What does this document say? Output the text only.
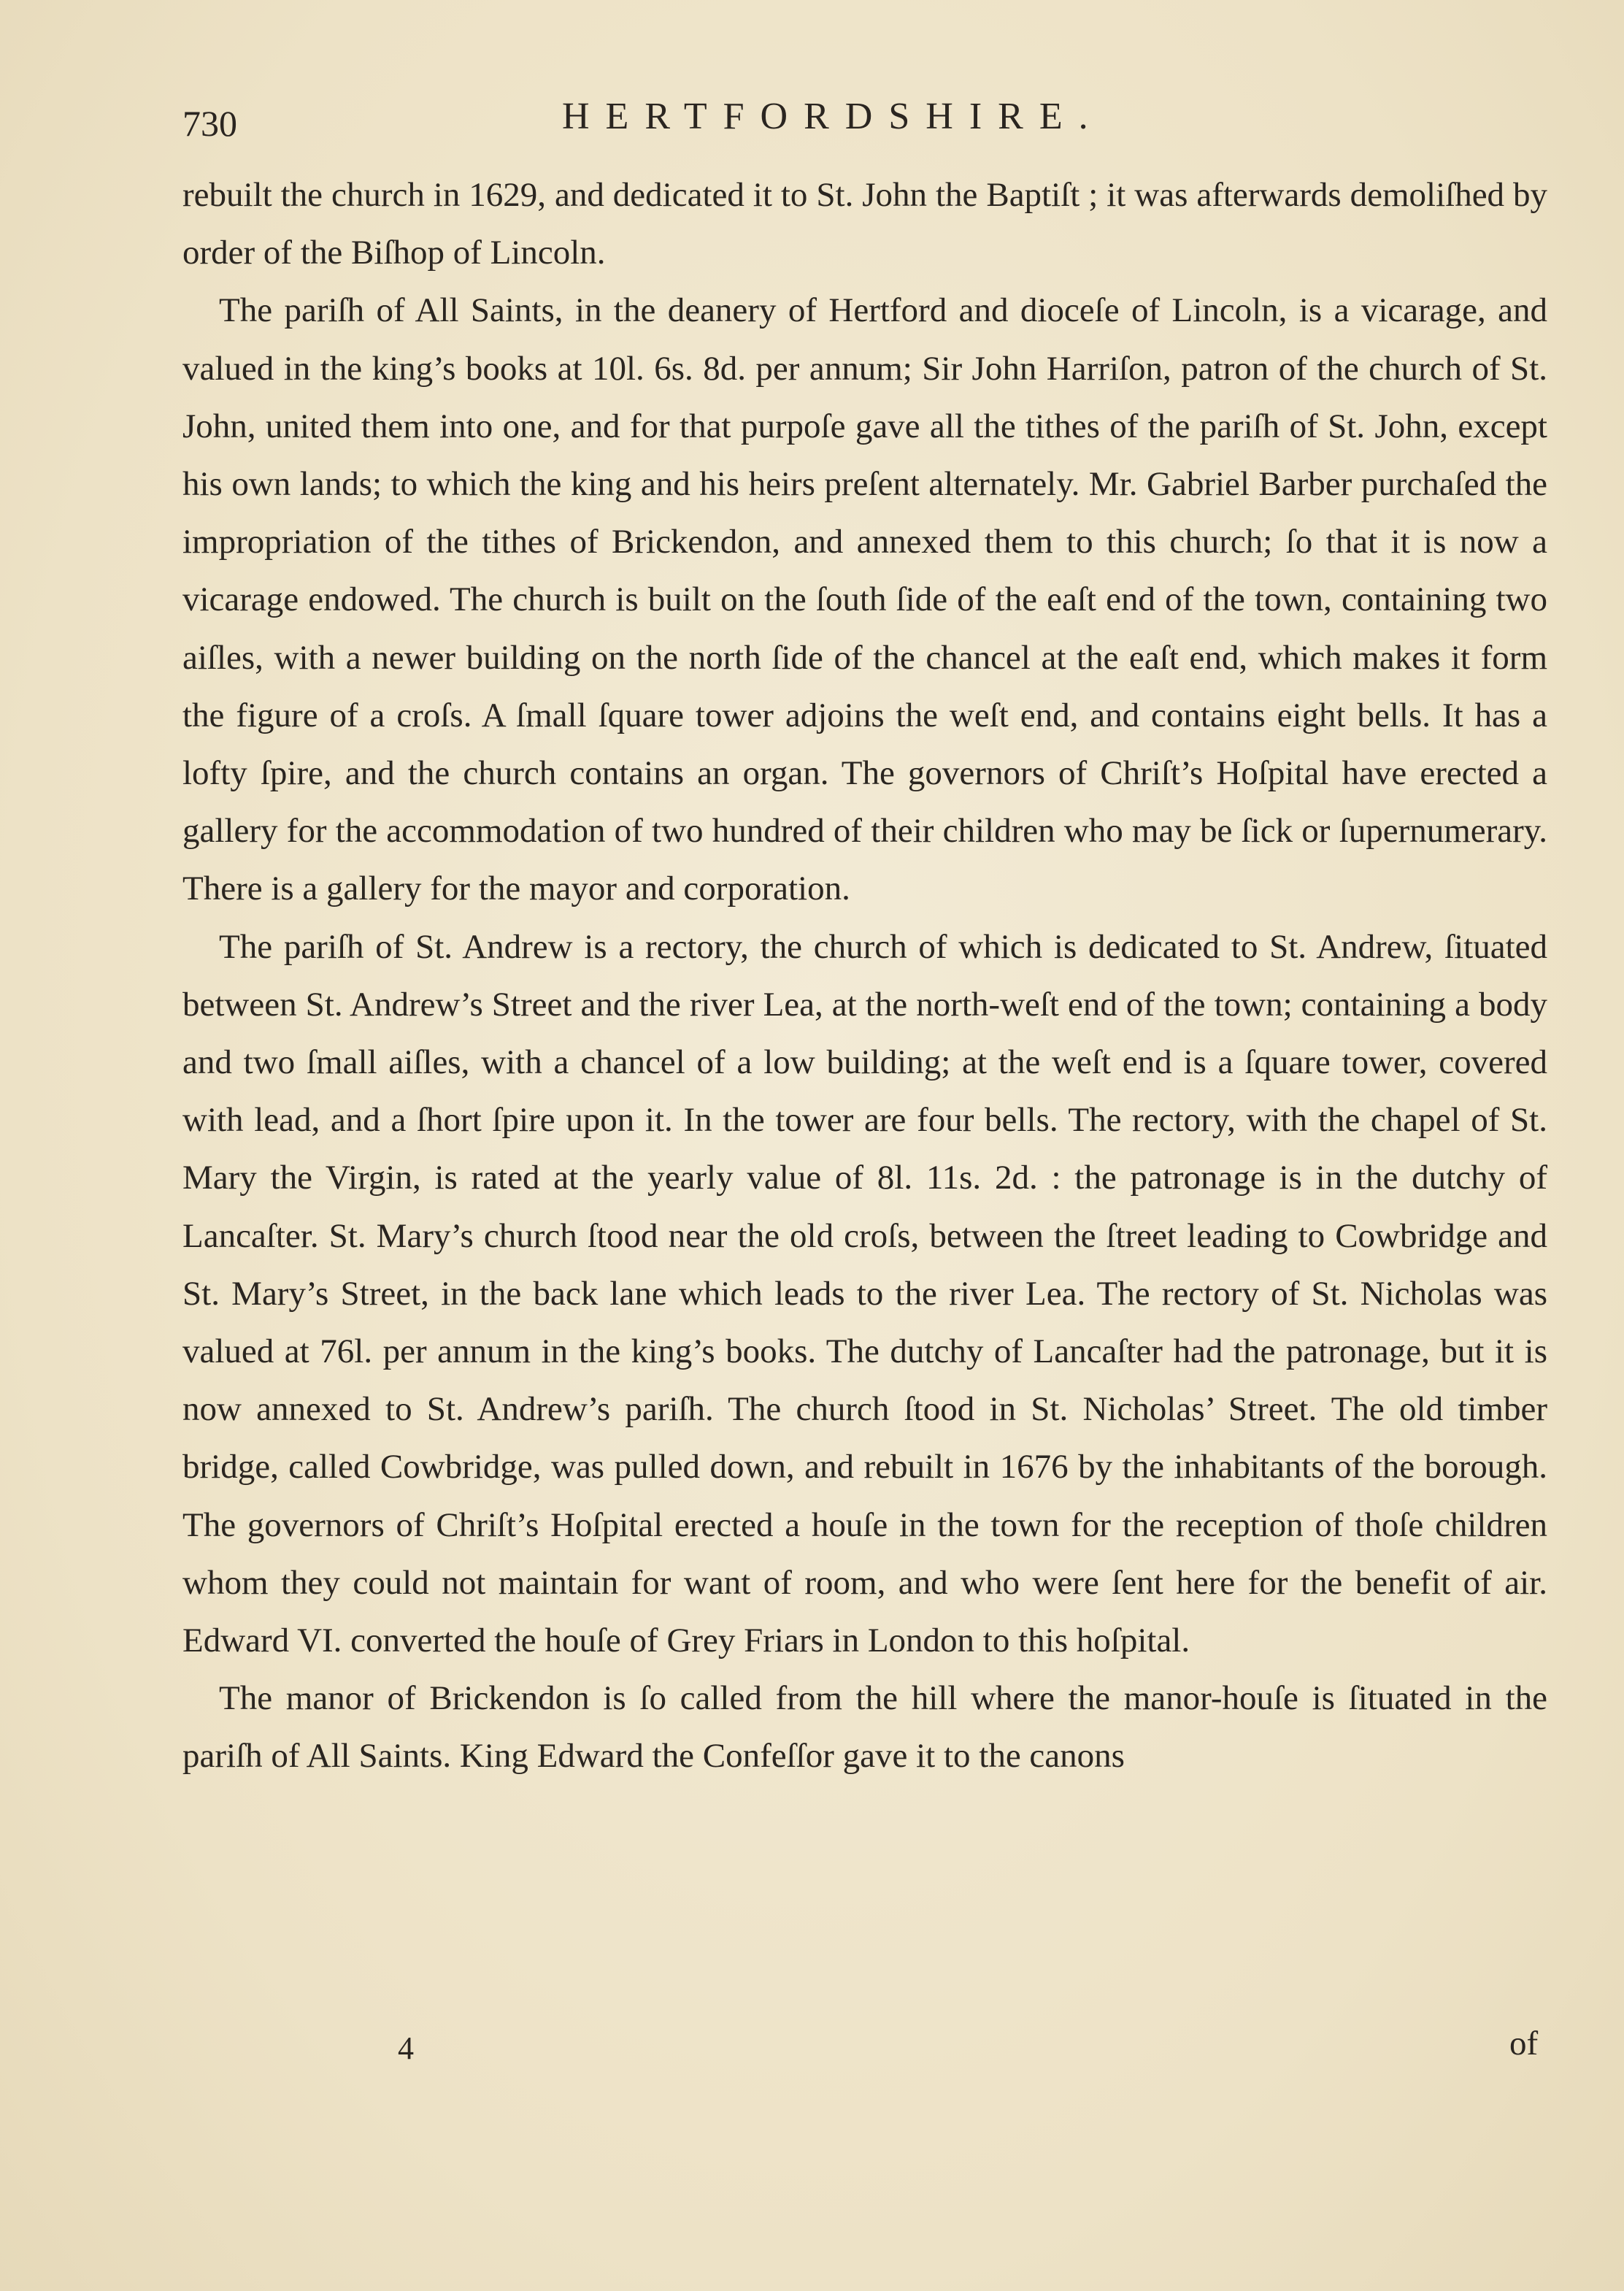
730	HERTFORDSHIRE.

rebuilt the church in 1629, and dedicated it to St. John the Baptiſt ; it was afterwards demoliſhed by order of the Biſhop of Lincoln.

The pariſh of All Saints, in the deanery of Hertford and dioceſe of Lincoln, is a vicarage, and valued in the king’s books at 10l. 6s. 8d. per annum; Sir John Harriſon, patron of the church of St. John, united them into one, and for that purpoſe gave all the tithes of the pariſh of St. John, except his own lands; to which the king and his heirs preſent alternately. Mr. Gabriel Barber purchaſed the impropriation of the tithes of Brickendon, and annexed them to this church; ſo that it is now a vicarage endowed. The church is built on the ſouth ſide of the eaſt end of the town, containing two aiſles, with a newer building on the north ſide of the chancel at the eaſt end, which makes it form the figure of a croſs. A ſmall ſquare tower adjoins the weſt end, and contains eight bells. It has a lofty ſpire, and the church contains an organ. The governors of Chriſt’s Hoſpital have erected a gallery for the accommodation of two hundred of their children who may be ſick or ſupernumerary. There is a gallery for the mayor and corporation.

The pariſh of St. Andrew is a rectory, the church of which is dedicated to St. Andrew, ſituated between St. Andrew’s Street and the river Lea, at the north-weſt end of the town; containing a body and two ſmall aiſles, with a chancel of a low building; at the weſt end is a ſquare tower, covered with lead, and a ſhort ſpire upon it. In the tower are four bells. The rectory, with the chapel of St. Mary the Virgin, is rated at the yearly value of 8l. 11s. 2d. : the patronage is in the dutchy of Lancaſter. St. Mary’s church ſtood near the old croſs, between the ſtreet leading to Cowbridge and St. Mary’s Street, in the back lane which leads to the river Lea. The rectory of St. Nicholas was valued at 76l. per annum in the king’s books. The dutchy of Lancaſter had the patronage, but it is now annexed to St. Andrew’s pariſh. The church ſtood in St. Nicholas’ Street. The old timber bridge, called Cowbridge, was pulled down, and rebuilt in 1676 by the inhabitants of the borough. The governors of Chriſt’s Hoſpital erected a houſe in the town for the reception of thoſe children whom they could not maintain for want of room, and who were ſent here for the benefit of air. Edward VI. converted the houſe of Grey Friars in London to this hoſpital.

The manor of Brickendon is ſo called from the hill where the manor-houſe is ſituated in the pariſh of All Saints. King Edward the Confeſſor gave it to the canons

4	of
